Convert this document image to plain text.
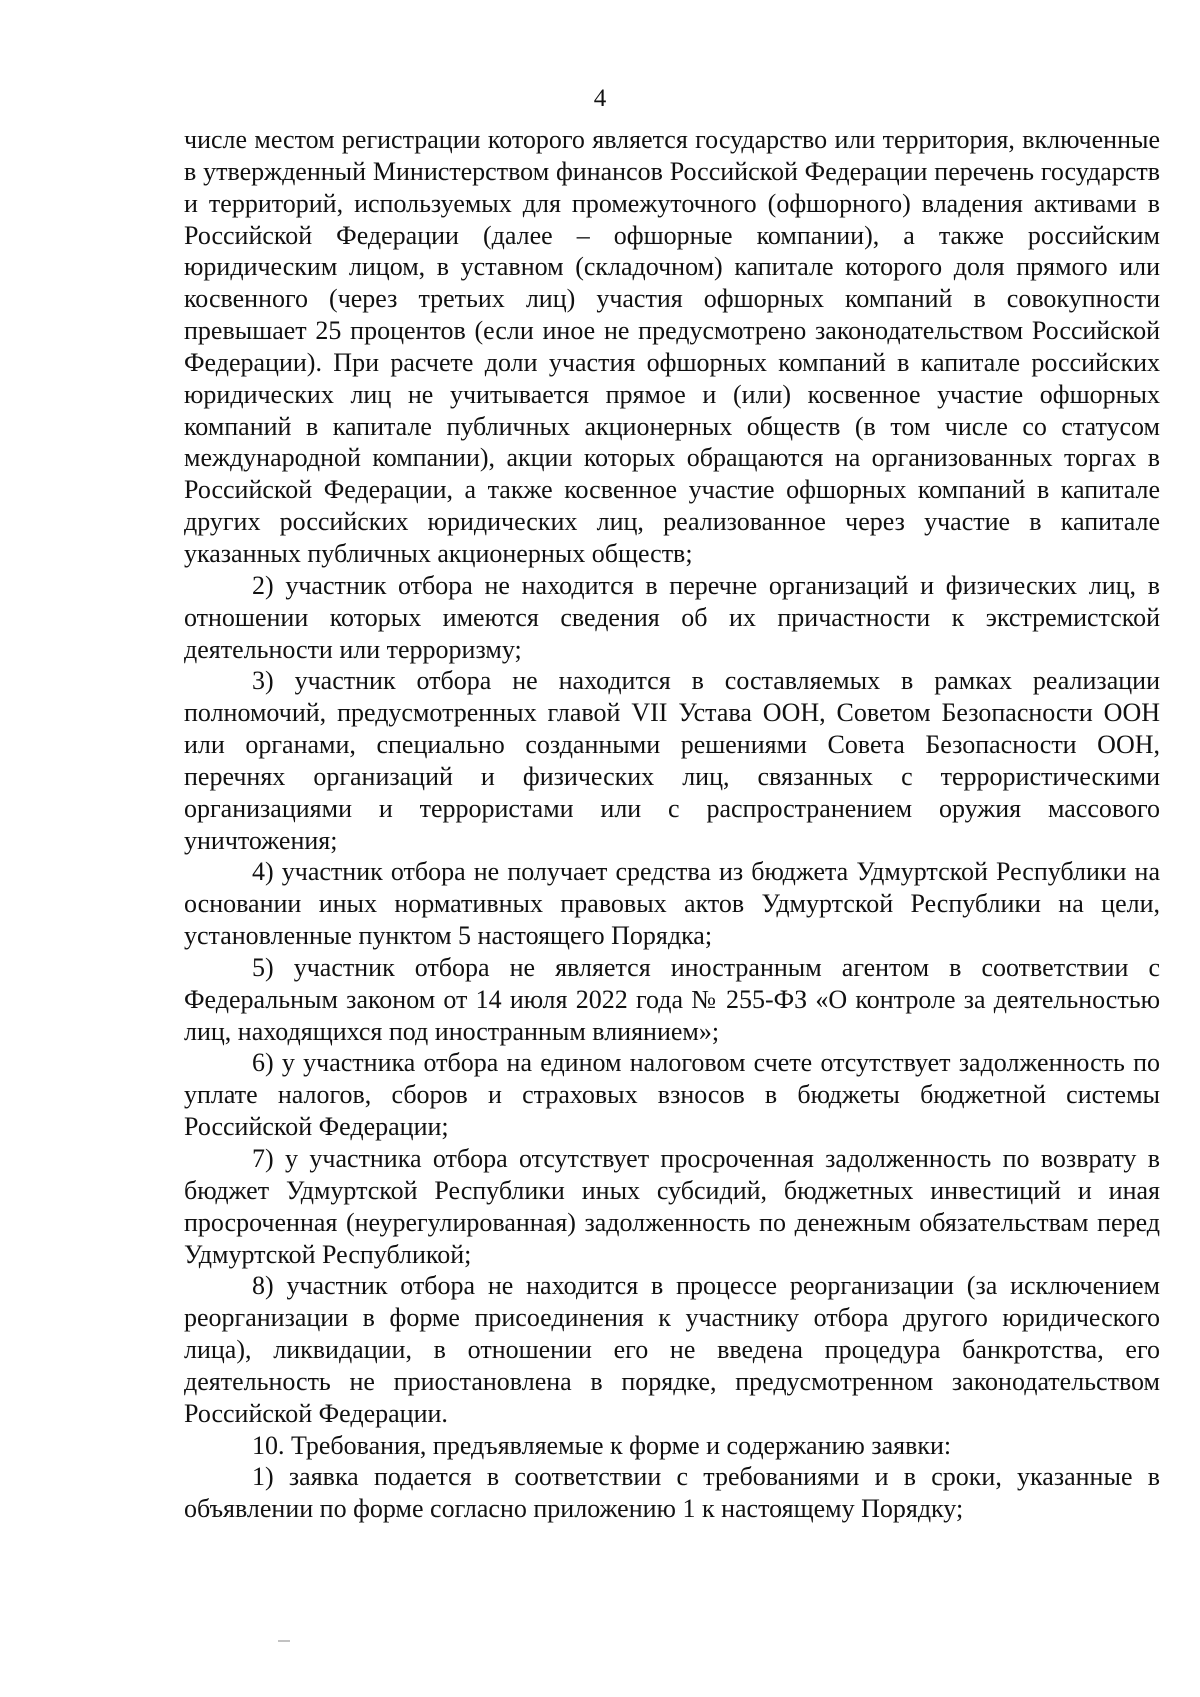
4

числе местом регистрации которого является государство или территория, включенные в утвержденный Министерством финансов Российской Федерации перечень государств и территорий, используемых для промежуточного (офшорного) владения активами в Российской Федерации (далее – офшорные компании), а также российским юридическим лицом, в уставном (складочном) капитале которого доля прямого или косвенного (через третьих лиц) участия офшорных компаний в совокупности превышает 25 процентов (если иное не предусмотрено законодательством Российской Федерации). При расчете доли участия офшорных компаний в капитале российских юридических лиц не учитывается прямое и (или) косвенное участие офшорных компаний в капитале публичных акционерных обществ (в том числе со статусом международной компании), акции которых обращаются на организованных торгах в Российской Федерации, а также косвенное участие офшорных компаний в капитале других российских юридических лиц, реализованное через участие в капитале указанных публичных акционерных обществ;

2) участник отбора не находится в перечне организаций и физических лиц, в отношении которых имеются сведения об их причастности к экстремистской деятельности или терроризму;

3) участник отбора не находится в составляемых в рамках реализации полномочий, предусмотренных главой VII Устава ООН, Советом Безопасности ООН или органами, специально созданными решениями Совета Безопасности ООН, перечнях организаций и физических лиц, связанных с террористическими организациями и террористами или с распространением оружия массового уничтожения;

4) участник отбора не получает средства из бюджета Удмуртской Республики на основании иных нормативных правовых актов Удмуртской Республики на цели, установленные пунктом 5 настоящего Порядка;

5) участник отбора не является иностранным агентом в соответствии с Федеральным законом от 14 июля 2022 года № 255-ФЗ «О контроле за деятельностью лиц, находящихся под иностранным влиянием»;

6) у участника отбора на едином налоговом счете отсутствует задолженность по уплате налогов, сборов и страховых взносов в бюджеты бюджетной системы Российской Федерации;

7) у участника отбора отсутствует просроченная задолженность по возврату в бюджет Удмуртской Республики иных субсидий, бюджетных инвестиций и иная просроченная (неурегулированная) задолженность по денежным обязательствам перед Удмуртской Республикой;

8) участник отбора не находится в процессе реорганизации (за исключением реорганизации в форме присоединения к участнику отбора другого юридического лица), ликвидации, в отношении его не введена процедура банкротства, его деятельность не приостановлена в порядке, предусмотренном законодательством Российской Федерации.

10. Требования, предъявляемые к форме и содержанию заявки:

1) заявка подается в соответствии с требованиями и в сроки, указанные в объявлении по форме согласно приложению 1 к настоящему Порядку;
